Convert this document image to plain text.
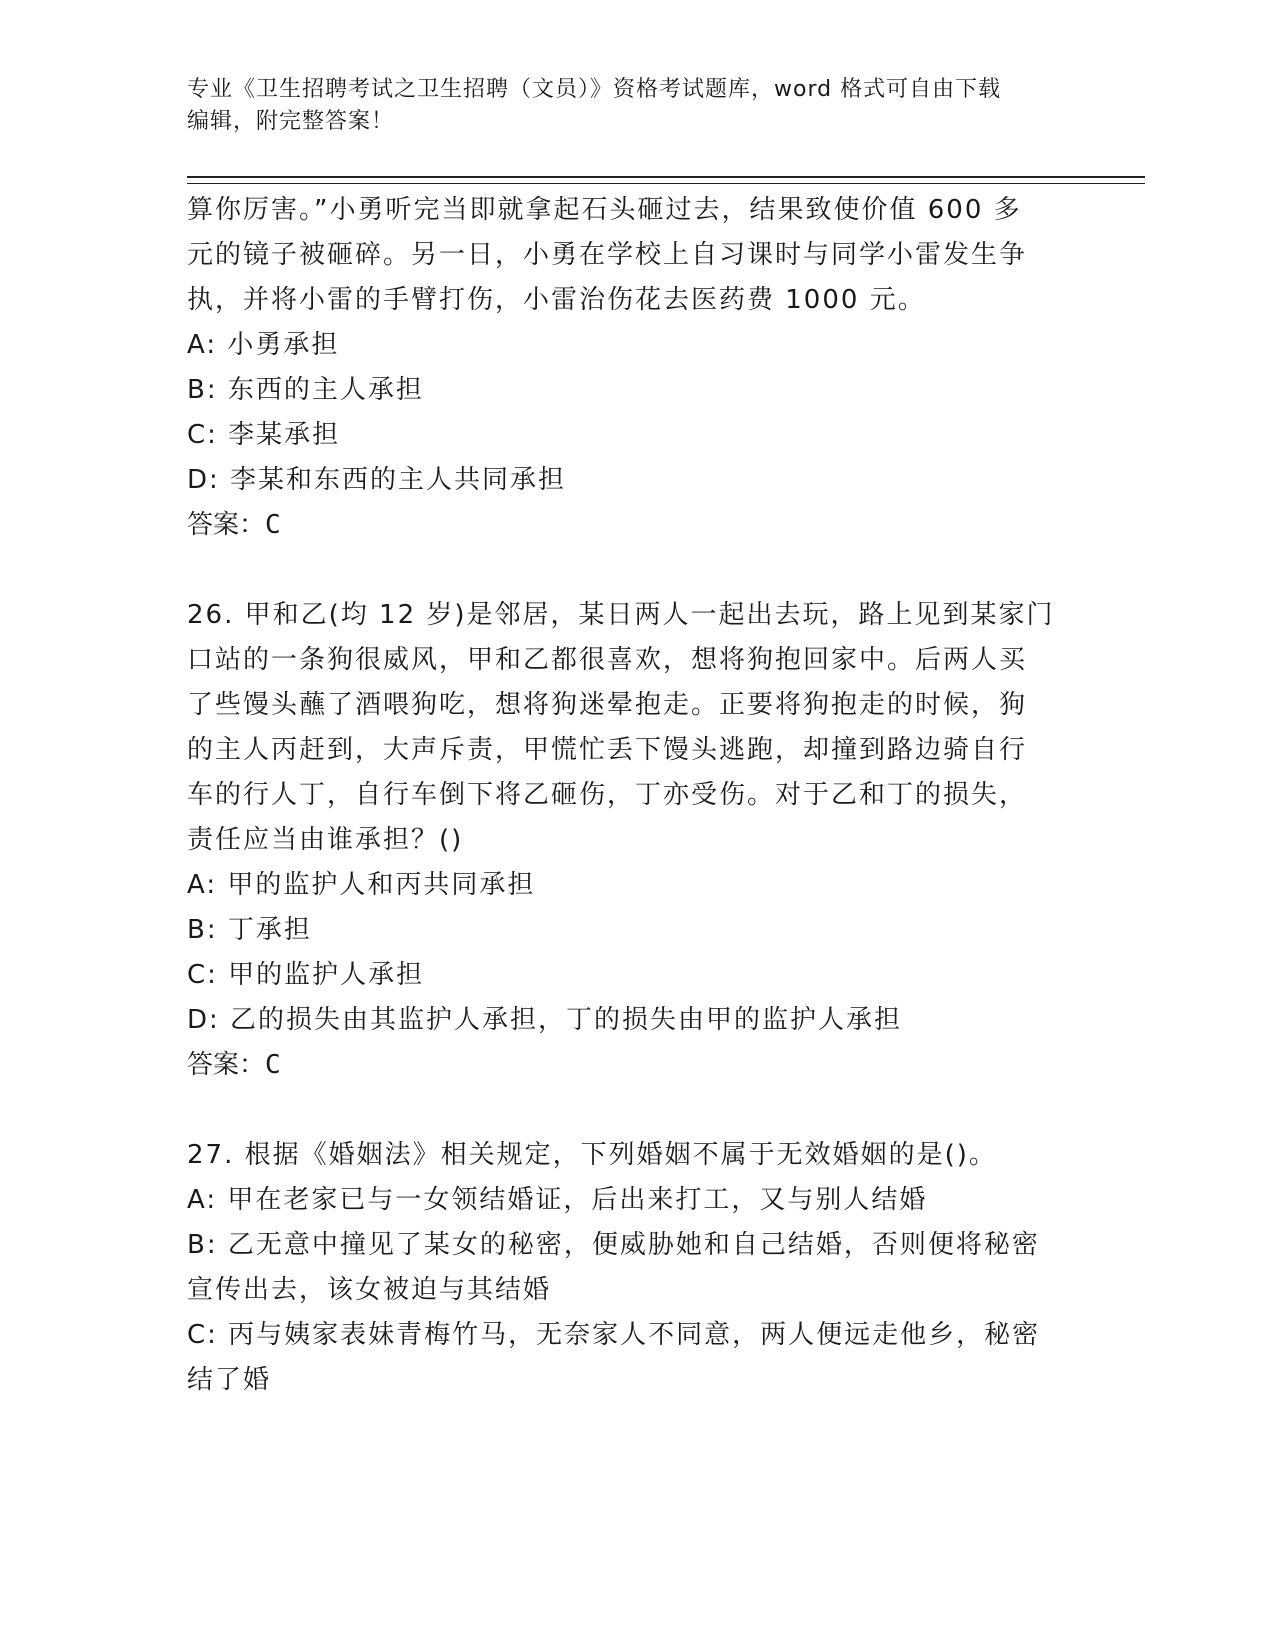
专业《卫生招聘考试之卫生招聘（文员）》资格考试题库，word 格式可自由下载
编辑，附完整答案！

算你厉害。”小勇听完当即就拿起石头砸过去，结果致使价值 600 多

元的镜子被砸碎。另一日，小勇在学校上自习课时与同学小雷发生争

执，并将小雷的手臂打伤，小雷治伤花去医药费 1000 元。

A: 小勇承担

B: 东西的主人承担

C: 李某承担

D: 李某和东西的主人共同承担

答案：C

26. 甲和乙(均 12 岁)是邻居，某日两人一起出去玩，路上见到某家门

口站的一条狗很威风，甲和乙都很喜欢，想将狗抱回家中。后两人买

了些馒头蘸了酒喂狗吃，想将狗迷晕抱走。正要将狗抱走的时候，狗

的主人丙赶到，大声斥责，甲慌忙丢下馒头逃跑，却撞到路边骑自行

车的行人丁，自行车倒下将乙砸伤，丁亦受伤。对于乙和丁的损失，

责任应当由谁承担？()

A: 甲的监护人和丙共同承担

B: 丁承担

C: 甲的监护人承担

D: 乙的损失由其监护人承担，丁的损失由甲的监护人承担

答案：C

27. 根据《婚姻法》相关规定，下列婚姻不属于无效婚姻的是()。

A: 甲在老家已与一女领结婚证，后出来打工，又与别人结婚

B: 乙无意中撞见了某女的秘密，便威胁她和自己结婚，否则便将秘密

宣传出去，该女被迫与其结婚

C: 丙与姨家表妹青梅竹马，无奈家人不同意，两人便远走他乡，秘密

结了婚
